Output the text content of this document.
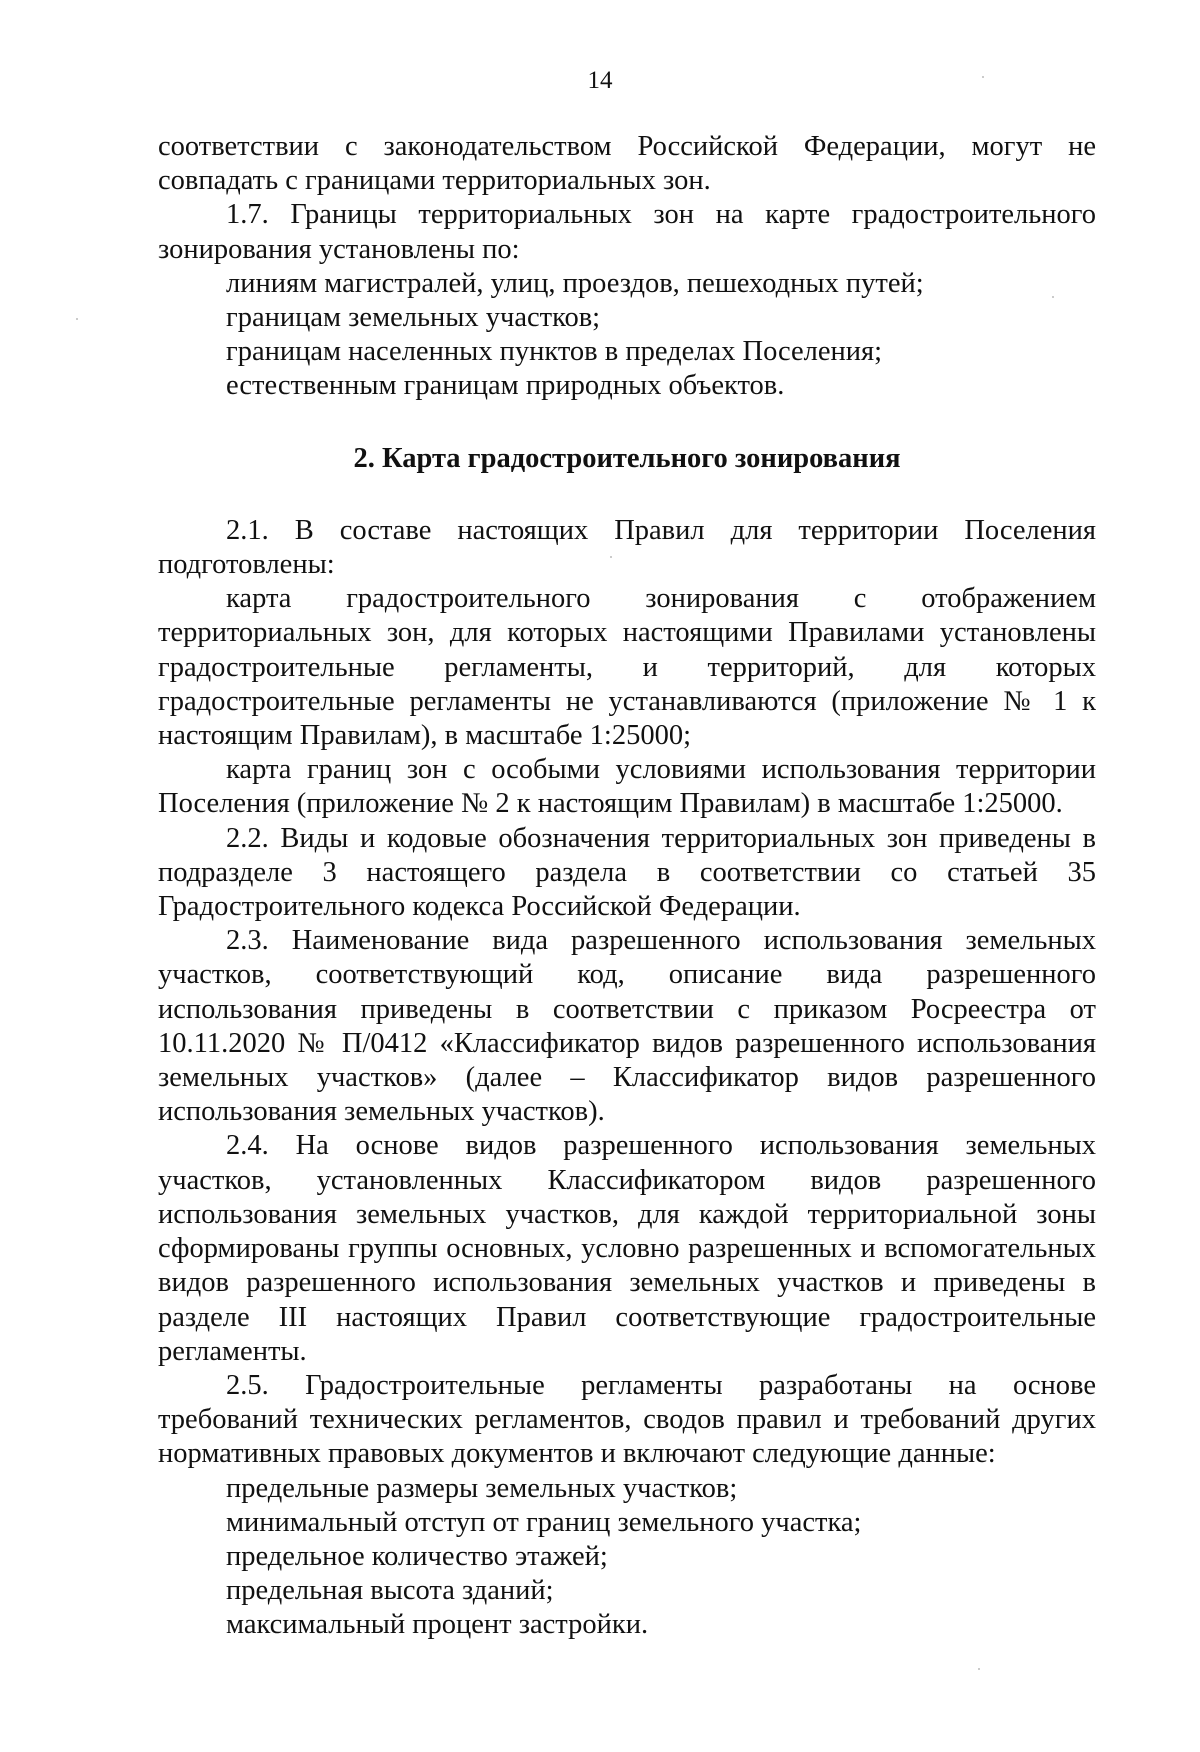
14

соответствии с законодательством Российской Федерации, могут не совпадать с границами территориальных зон.

1.7. Границы территориальных зон на карте градостроительного зонирования установлены по:

линиям магистралей, улиц, проездов, пешеходных путей;

границам земельных участков;

границам населенных пунктов в пределах Поселения;

естественным границам природных объектов.

2. Карта градостроительного зонирования

2.1. В составе настоящих Правил для территории Поселения подготовлены:

карта градостроительного зонирования с отображением территориальных зон, для которых настоящими Правилами установлены градостроительные регламенты, и территорий, для которых градостроительные регламенты не устанавливаются (приложение № 1 к настоящим Правилам), в масштабе 1:25000;

карта границ зон с особыми условиями использования территории Поселения (приложение № 2 к настоящим Правилам) в масштабе 1:25000.

2.2. Виды и кодовые обозначения территориальных зон приведены в подразделе 3 настоящего раздела в соответствии со статьей 35 Градостроительного кодекса Российской Федерации.

2.3. Наименование вида разрешенного использования земельных участков, соответствующий код, описание вида разрешенного использования приведены в соответствии с приказом Росреестра от 10.11.2020 № П/0412 «Классификатор видов разрешенного использования земельных участков» (далее – Классификатор видов разрешенного использования земельных участков).

2.4. На основе видов разрешенного использования земельных участков, установленных Классификатором видов разрешенного использования земельных участков, для каждой территориальной зоны сформированы группы основных, условно разрешенных и вспомогательных видов разрешенного использования земельных участков и приведены в разделе III настоящих Правил соответствующие градостроительные регламенты.

2.5. Градостроительные регламенты разработаны на основе требований технических регламентов, сводов правил и требований других нормативных правовых документов и включают следующие данные:

предельные размеры земельных участков;

минимальный отступ от границ земельного участка;

предельное количество этажей;

предельная высота зданий;

максимальный процент застройки.
